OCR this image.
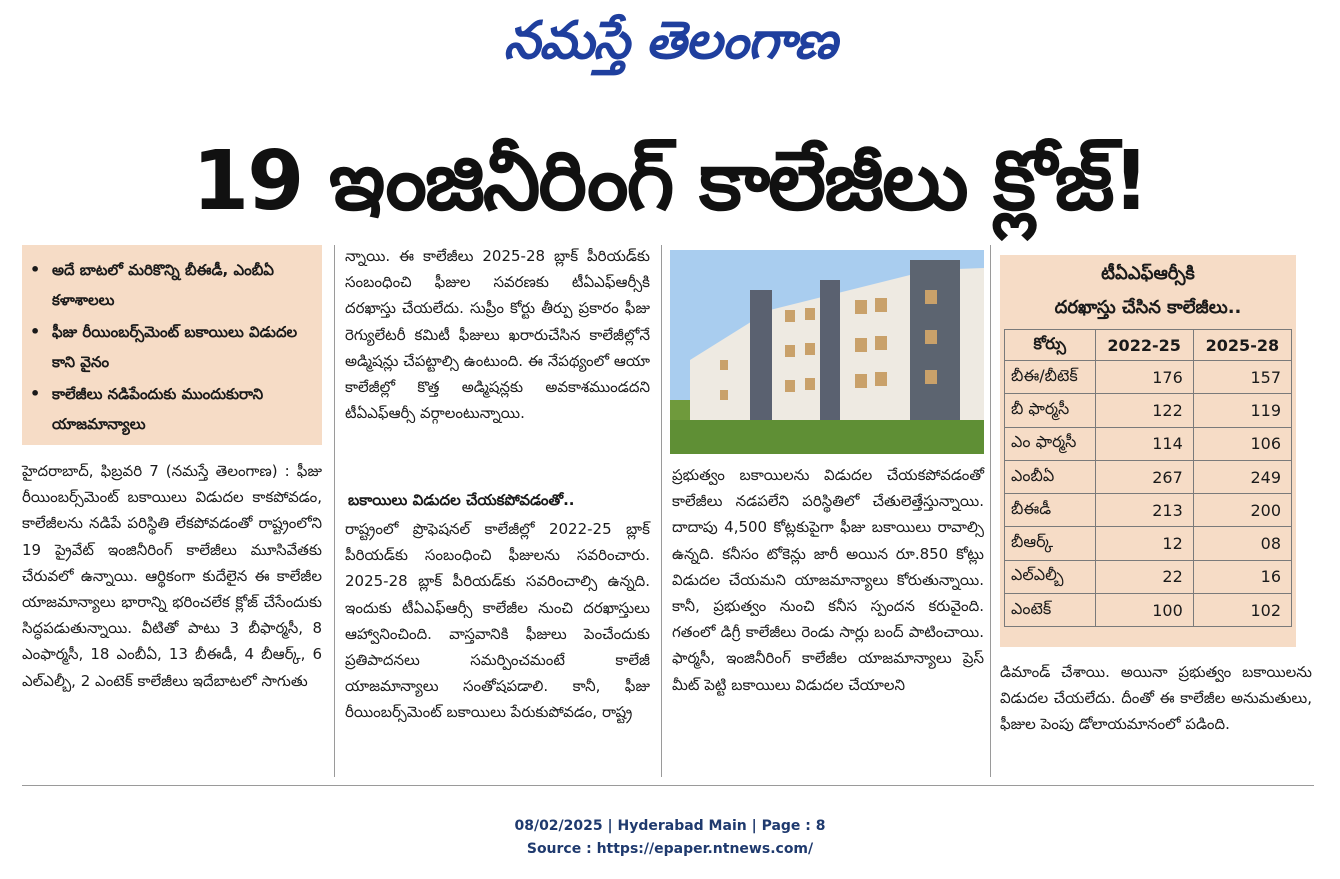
నమస్తే తెలంగాణ
19 ఇంజినీరింగ్ కాలేజీలు క్లోజ్!
• అదే బాటలో మరికొన్ని బీఈడీ, ఎంబీఏ కళాశాలలు
• ఫీజు రీయింబర్స్‌మెంట్ బకాయిలు విడుదల కాని వైనం
• కాలేజీలు నడిపేందుకు ముందుకురాని యాజమాన్యాలు
హైదరాబాద్, ఫిబ్రవరి 7 (నమస్తే తెలంగాణ) : ఫీజు రీయింబర్స్‌మెంట్ బకాయిలు విడుదల కాకపోవడం, కాలేజీలను నడిపే పరిస్థితి లేకపోవడంతో రాష్ట్రంలోని 19 ప్రైవేట్ ఇంజినీరింగ్ కాలేజీలు మూసివేతకు చేరువలో ఉన్నాయి. ఆర్థికంగా కుదేలైన ఈ కాలేజీల యాజమాన్యాలు భారాన్ని భరించలేక క్లోజ్ చేసేందుకు సిద్ధపడుతున్నాయి. వీటితో పాటు 3 బీఫార్మసీ, 8 ఎంఫార్మసీ, 18 ఎంబీఏ, 13 బీఈడీ, 4 బీఆర్క్, 6 ఎల్ఎల్బీ, 2 ఎంటెక్ కాలేజీలు ఇదేబాటలో సాగుతు
న్నాయి. ఈ కాలేజీలు 2025-28 బ్లాక్ పీరియడ్‌కు సంబంధించి ఫీజుల సవరణకు టీఏఎఫ్ఆర్సీకి దరఖాస్తు చేయలేదు. సుప్రీం కోర్టు తీర్పు ప్రకారం ఫీజు రెగ్యులేటరీ కమిటీ ఫీజులు ఖరారుచేసిన కాలేజీల్లోనే అడ్మిషన్లు చేపట్టాల్సి ఉంటుంది. ఈ నేపథ్యంలో ఆయా కాలేజీల్లో కొత్త అడ్మిషన్లకు అవకాశముండదని టీఏఎఫ్ఆర్సీ వర్గాలంటున్నాయి.
బకాయిలు విడుదల చేయకపోవడంతో..
రాష్ట్రంలో ప్రొఫెషనల్ కాలేజీల్లో 2022-25 బ్లాక్ పీరియడ్‌కు సంబంధించి ఫీజులను సవరించారు. 2025-28 బ్లాక్ పీరియడ్‌కు సవరించాల్సి ఉన్నది. ఇందుకు టీఏఎఫ్ఆర్సీ కాలేజీల నుంచి దరఖాస్తులు ఆహ్వానించింది. వాస్తవానికి ఫీజులు పెంచేందుకు ప్రతిపాదనలు సమర్పించమంటే కాలేజీ యాజమాన్యాలు సంతోషపడాలి. కానీ, ఫీజు రీయింబర్స్‌మెంట్ బకాయిలు పేరుకుపోవడం, రాష్ట్ర
ప్రభుత్వం బకాయిలను విడుదల చేయకపోవడంతో కాలేజీలు నడపలేని పరిస్థితిలో చేతులెత్తేస్తున్నాయి. దాదాపు 4,500 కోట్లకుపైగా ఫీజు బకాయిలు రావాల్సి ఉన్నది. కనీసం టోకెన్లు జారీ అయిన రూ.850 కోట్లు విడుదల చేయమని యాజమాన్యాలు కోరుతున్నాయి. కానీ, ప్రభుత్వం నుంచి కనీస స్పందన కరువైంది. గతంలో డిగ్రీ కాలేజీలు రెండు సార్లు బంద్ పాటించాయి. ఫార్మసీ, ఇంజినీరింగ్ కాలేజీల యాజమాన్యాలు ప్రెస్ మీట్ పెట్టి బకాయిలు విడుదల చేయాలని
టీఏఎఫ్ఆర్సీకి
దరఖాస్తు చేసిన కాలేజీలు..
కోర్సు	2022-25	2025-28
బీఈ/బీటెక్	176	157
బీ ఫార్మసీ	122	119
ఎం ఫార్మసీ	114	106
ఎంబీఏ	267	249
బీఈడీ	213	200
బీఆర్క్	12	08
ఎల్ఎల్బీ	22	16
ఎంటెక్	100	102
డిమాండ్ చేశాయి. అయినా ప్రభుత్వం బకాయిలను విడుదల చేయలేదు. దీంతో ఈ కాలేజీల అనుమతులు, ఫీజుల పెంపు డోలాయమానంలో పడింది.
08/02/2025 | Hyderabad Main | Page : 8
Source : https://epaper.ntnews.com/
